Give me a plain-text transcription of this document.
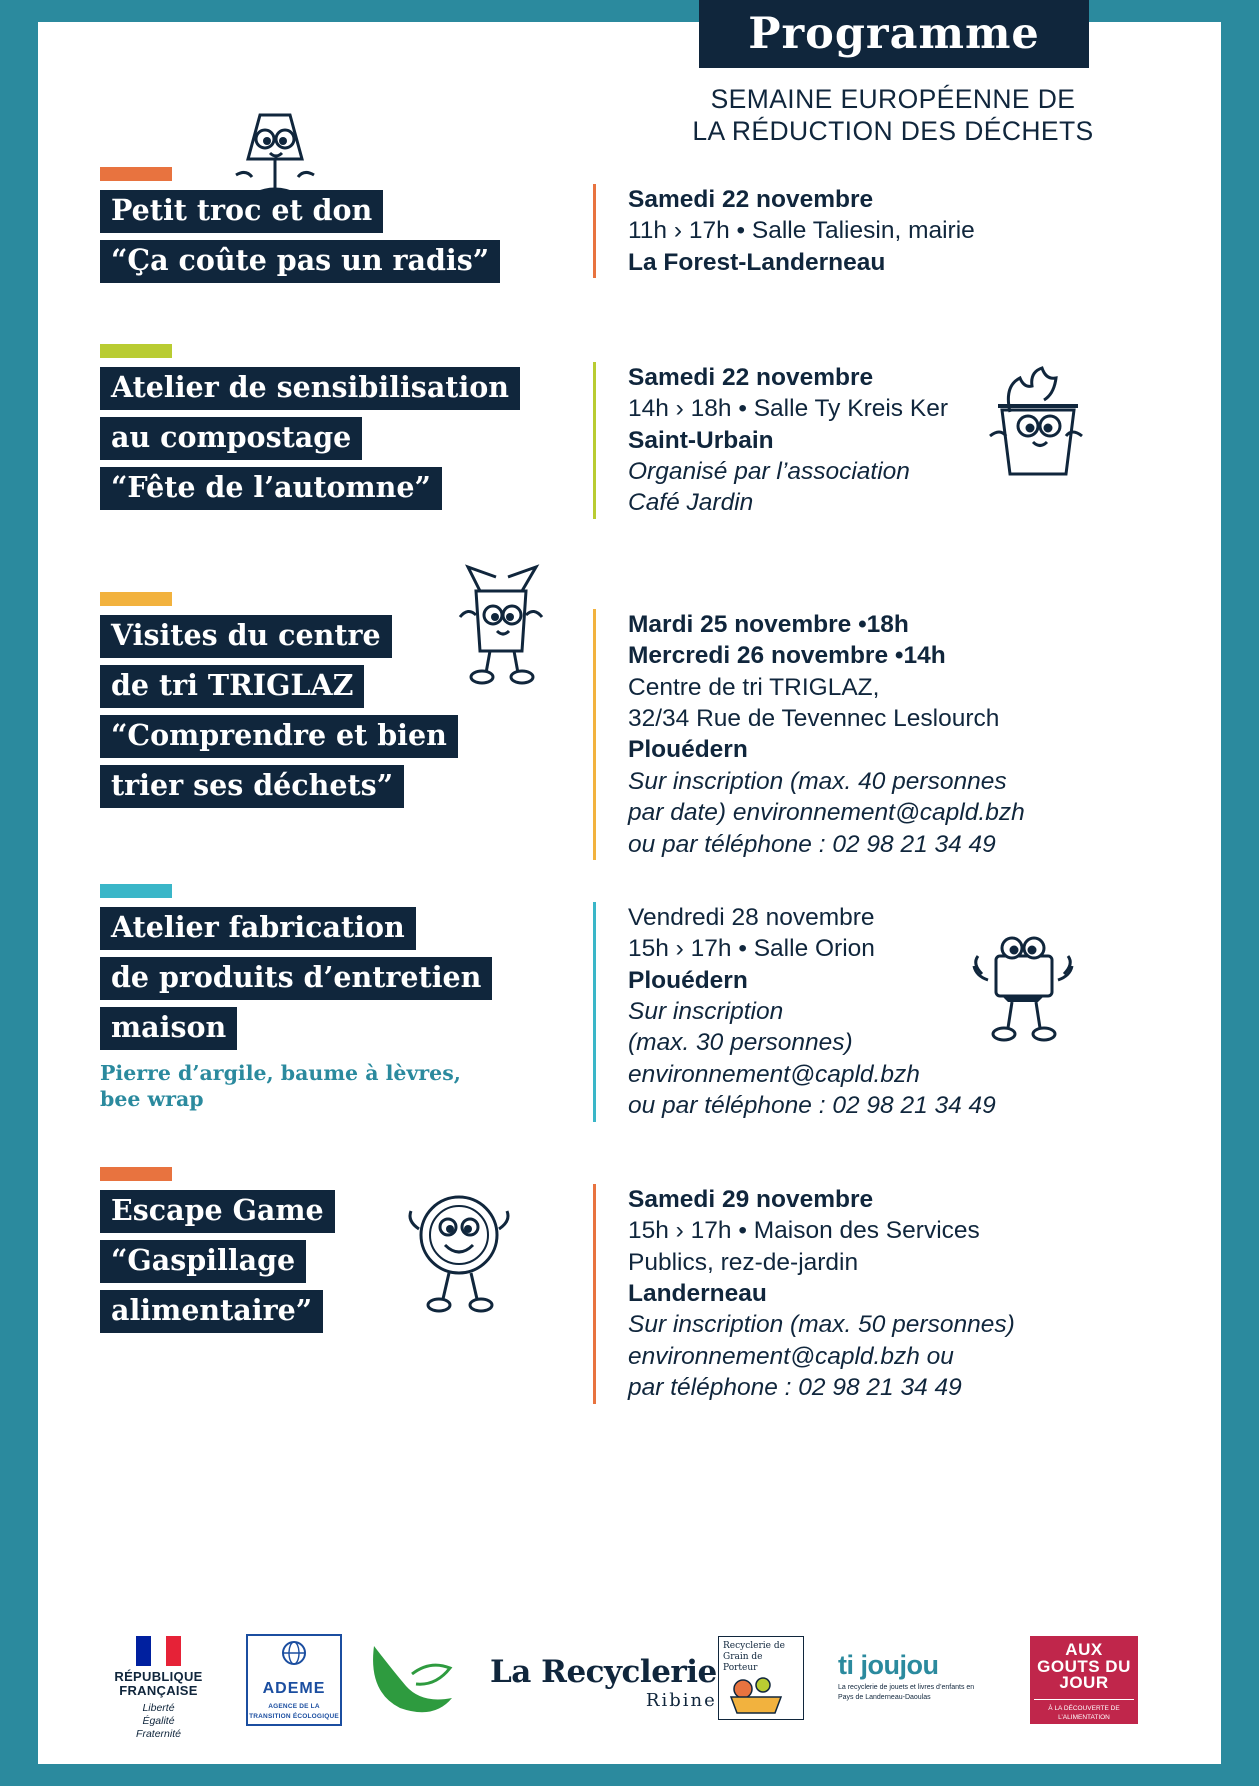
Programme
SEMAINE EUROPÉENNE DE
LA RÉDUCTION DES DÉCHETS
Petit troc et don
“Ça coûte pas un radis”
Samedi 22 novembre
11h › 17h • Salle Taliesin, mairie
La Forest-Landerneau
Atelier de sensibilisation
au compostage
“Fête de l’automne”
Samedi 22 novembre
14h › 18h • Salle Ty Kreis Ker
Saint-Urbain
Organisé par l’association
Café Jardin
Visites du centre
de tri TRIGLAZ
“Comprendre et bien
trier ses déchets”
Mardi 25 novembre •18h
Mercredi 26 novembre •14h
Centre de tri TRIGLAZ,
32/34 Rue de Tevennec Leslourch
Plouédern
Sur inscription (max. 40 personnes
par date) environnement@capld.bzh
ou par téléphone : 02 98 21 34 49
Atelier fabrication
de produits d’entretien
maison
Pierre d’argile, baume à lèvres, bee wrap
Vendredi 28 novembre
15h › 17h • Salle Orion
Plouédern
Sur inscription
(max. 30 personnes)
environnement@capld.bzh
ou par téléphone : 02 98 21 34 49
Escape Game
“Gaspillage
alimentaire”
Samedi 29 novembre
15h › 17h • Maison des Services
Publics, rez-de-jardin
Landerneau
Sur inscription (max. 50 personnes)
environnement@capld.bzh ou
par téléphone : 02 98 21 34 49
RÉPUBLIQUE
FRANÇAISE
Liberté
Égalité
Fraternité
ADEME
AGENCE DE LA TRANSITION ÉCOLOGIQUE
La Recyclerie
Ribine
Recyclerie de Grain de Porteur	ti joujou
La recyclerie de jouets et livres d’enfants en Pays de Landerneau-Daoulas
AUX GOUTS DU JOUR
À LA DÉCOUVERTE DE L’ALIMENTATION
